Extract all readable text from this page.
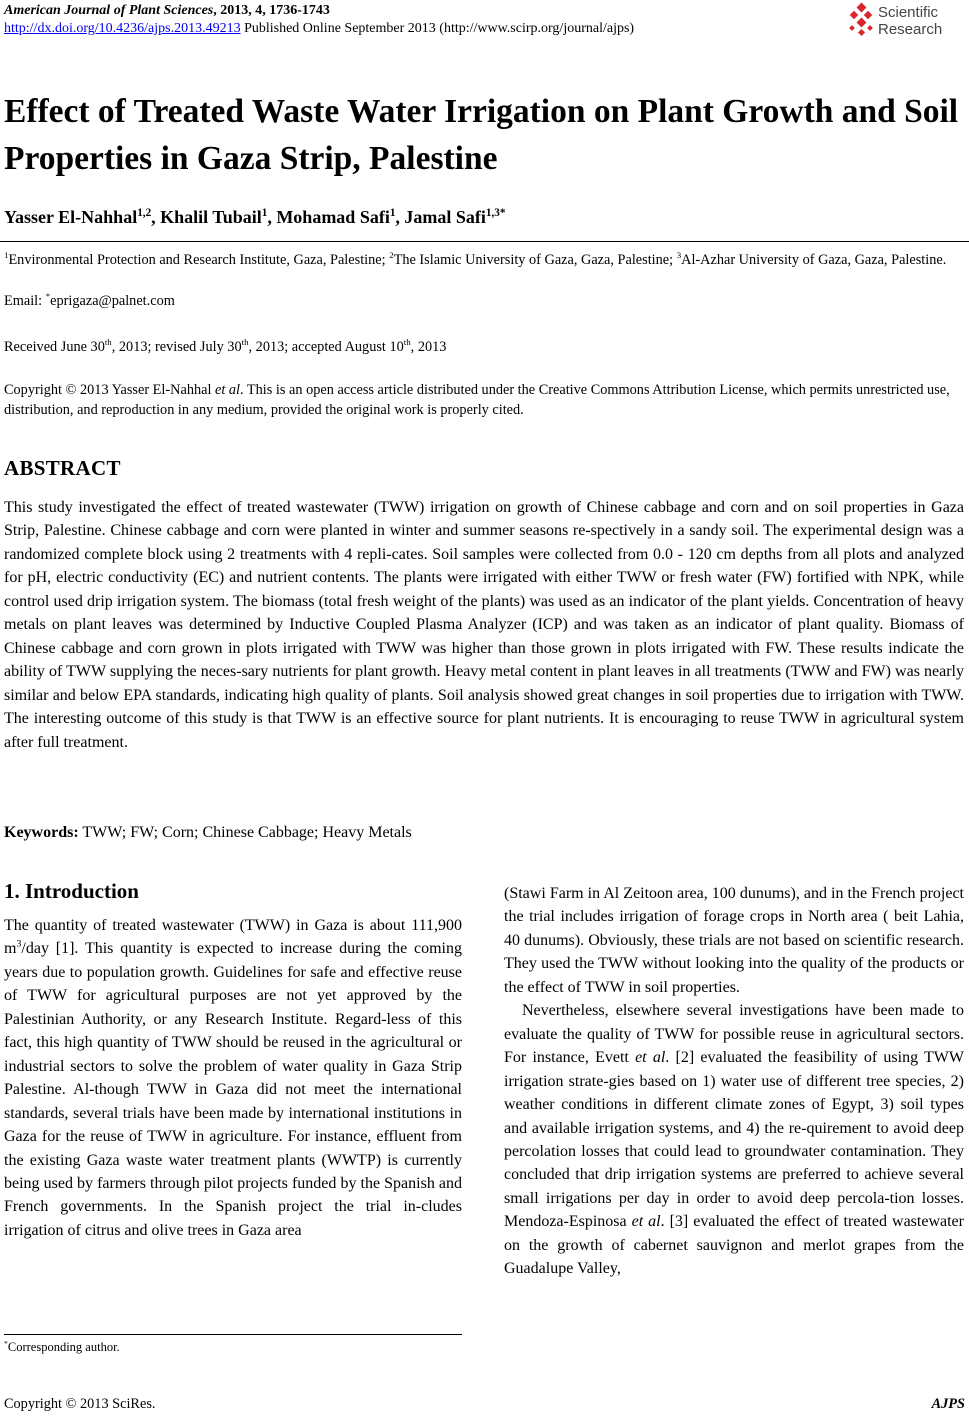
American Journal of Plant Sciences, 2013, 4, 1736-1743
http://dx.doi.org/10.4236/ajps.2013.49213 Published Online September 2013 (http://www.scirp.org/journal/ajps)
Scientific
Research
Effect of Treated Waste Water Irrigation on Plant Growth and Soil Properties in Gaza Strip, Palestine
Yasser El-Nahhal$^{1,2}$, Khalil Tubail$^1$, Mohamad Safi$^1$, Jamal Safi$^{1,3*}$
$^1$Environmental Protection and Research Institute, Gaza, Palestine; $^2$The Islamic University of Gaza, Gaza, Palestine; $^3$Al-Azhar University of Gaza, Gaza, Palestine.
Email: *eprigaza@palnet.com
Received June 30th, 2013; revised July 30th, 2013; accepted August 10th, 2013
Copyright © 2013 Yasser El-Nahhal et al. This is an open access article distributed under the Creative Commons Attribution License, which permits unrestricted use, distribution, and reproduction in any medium, provided the original work is properly cited.
ABSTRACT
This study investigated the effect of treated wastewater (TWW) irrigation on growth of Chinese cabbage and corn and on soil properties in Gaza Strip, Palestine. Chinese cabbage and corn were planted in winter and summer seasons re-spectively in a sandy soil. The experimental design was a randomized complete block using 2 treatments with 4 repli-cates. Soil samples were collected from 0.0 - 120 cm depths from all plots and analyzed for pH, electric conductivity (EC) and nutrient contents. The plants were irrigated with either TWW or fresh water (FW) fortified with NPK, while control used drip irrigation system. The biomass (total fresh weight of the plants) was used as an indicator of the plant yields. Concentration of heavy metals on plant leaves was determined by Inductive Coupled Plasma Analyzer (ICP) and was taken as an indicator of plant quality. Biomass of Chinese cabbage and corn grown in plots irrigated with TWW was higher than those grown in plots irrigated with FW. These results indicate the ability of TWW supplying the neces-sary nutrients for plant growth. Heavy metal content in plant leaves in all treatments (TWW and FW) was nearly similar and below EPA standards, indicating high quality of plants. Soil analysis showed great changes in soil properties due to irrigation with TWW. The interesting outcome of this study is that TWW is an effective source for plant nutrients. It is encouraging to reuse TWW in agricultural system after full treatment.
Keywords: TWW; FW; Corn; Chinese Cabbage; Heavy Metals
1. Introduction

The quantity of treated wastewater (TWW) in Gaza is about 111,900 $m^3$/day [1]. This quantity is expected to increase during the coming years due to population growth. Guidelines for safe and effective reuse of TWW for agricultural purposes are not yet approved by the Palestinian Authority, or any Research Institute. Regard-less of this fact, this high quantity of TWW should be reused in the agricultural or industrial sectors to solve the problem of water quality in Gaza Strip Palestine. Al-though TWW in Gaza did not meet the international standards, several trials have been made by international institutions in Gaza for the reuse of TWW in agriculture. For instance, effluent from the existing Gaza waste water treatment plants (WWTP) is currently being used by farmers through pilot projects funded by the Spanish and French governments. In the Spanish project the trial in-cludes irrigation of citrus and olive trees in Gaza area

(Stawi Farm in Al Zeitoon area, 100 dunums), and in the French project the trial includes irrigation of forage crops in North area ( beit Lahia, 40 dunums). Obviously, these trials are not based on scientific research. They used the TWW without looking into the quality of the products or the effect of TWW in soil properties.

Nevertheless, elsewhere several investigations have been made to evaluate the quality of TWW for possible reuse in agricultural sectors. For instance, Evett et al. [2] evaluated the feasibility of using TWW irrigation strate-gies based on 1) water use of different tree species, 2) weather conditions in different climate zones of Egypt, 3) soil types and available irrigation systems, and 4) the re-quirement to avoid deep percolation losses that could lead to groundwater contamination. They concluded that drip irrigation systems are preferred to achieve several small irrigations per day in order to avoid deep percola-tion losses. Mendoza-Espinosa et al. [3] evaluated the effect of treated wastewater on the growth of cabernet sauvignon and merlot grapes from the Guadalupe Valley,

*Corresponding author.
Copyright © 2013 SciRes.	AJPS
